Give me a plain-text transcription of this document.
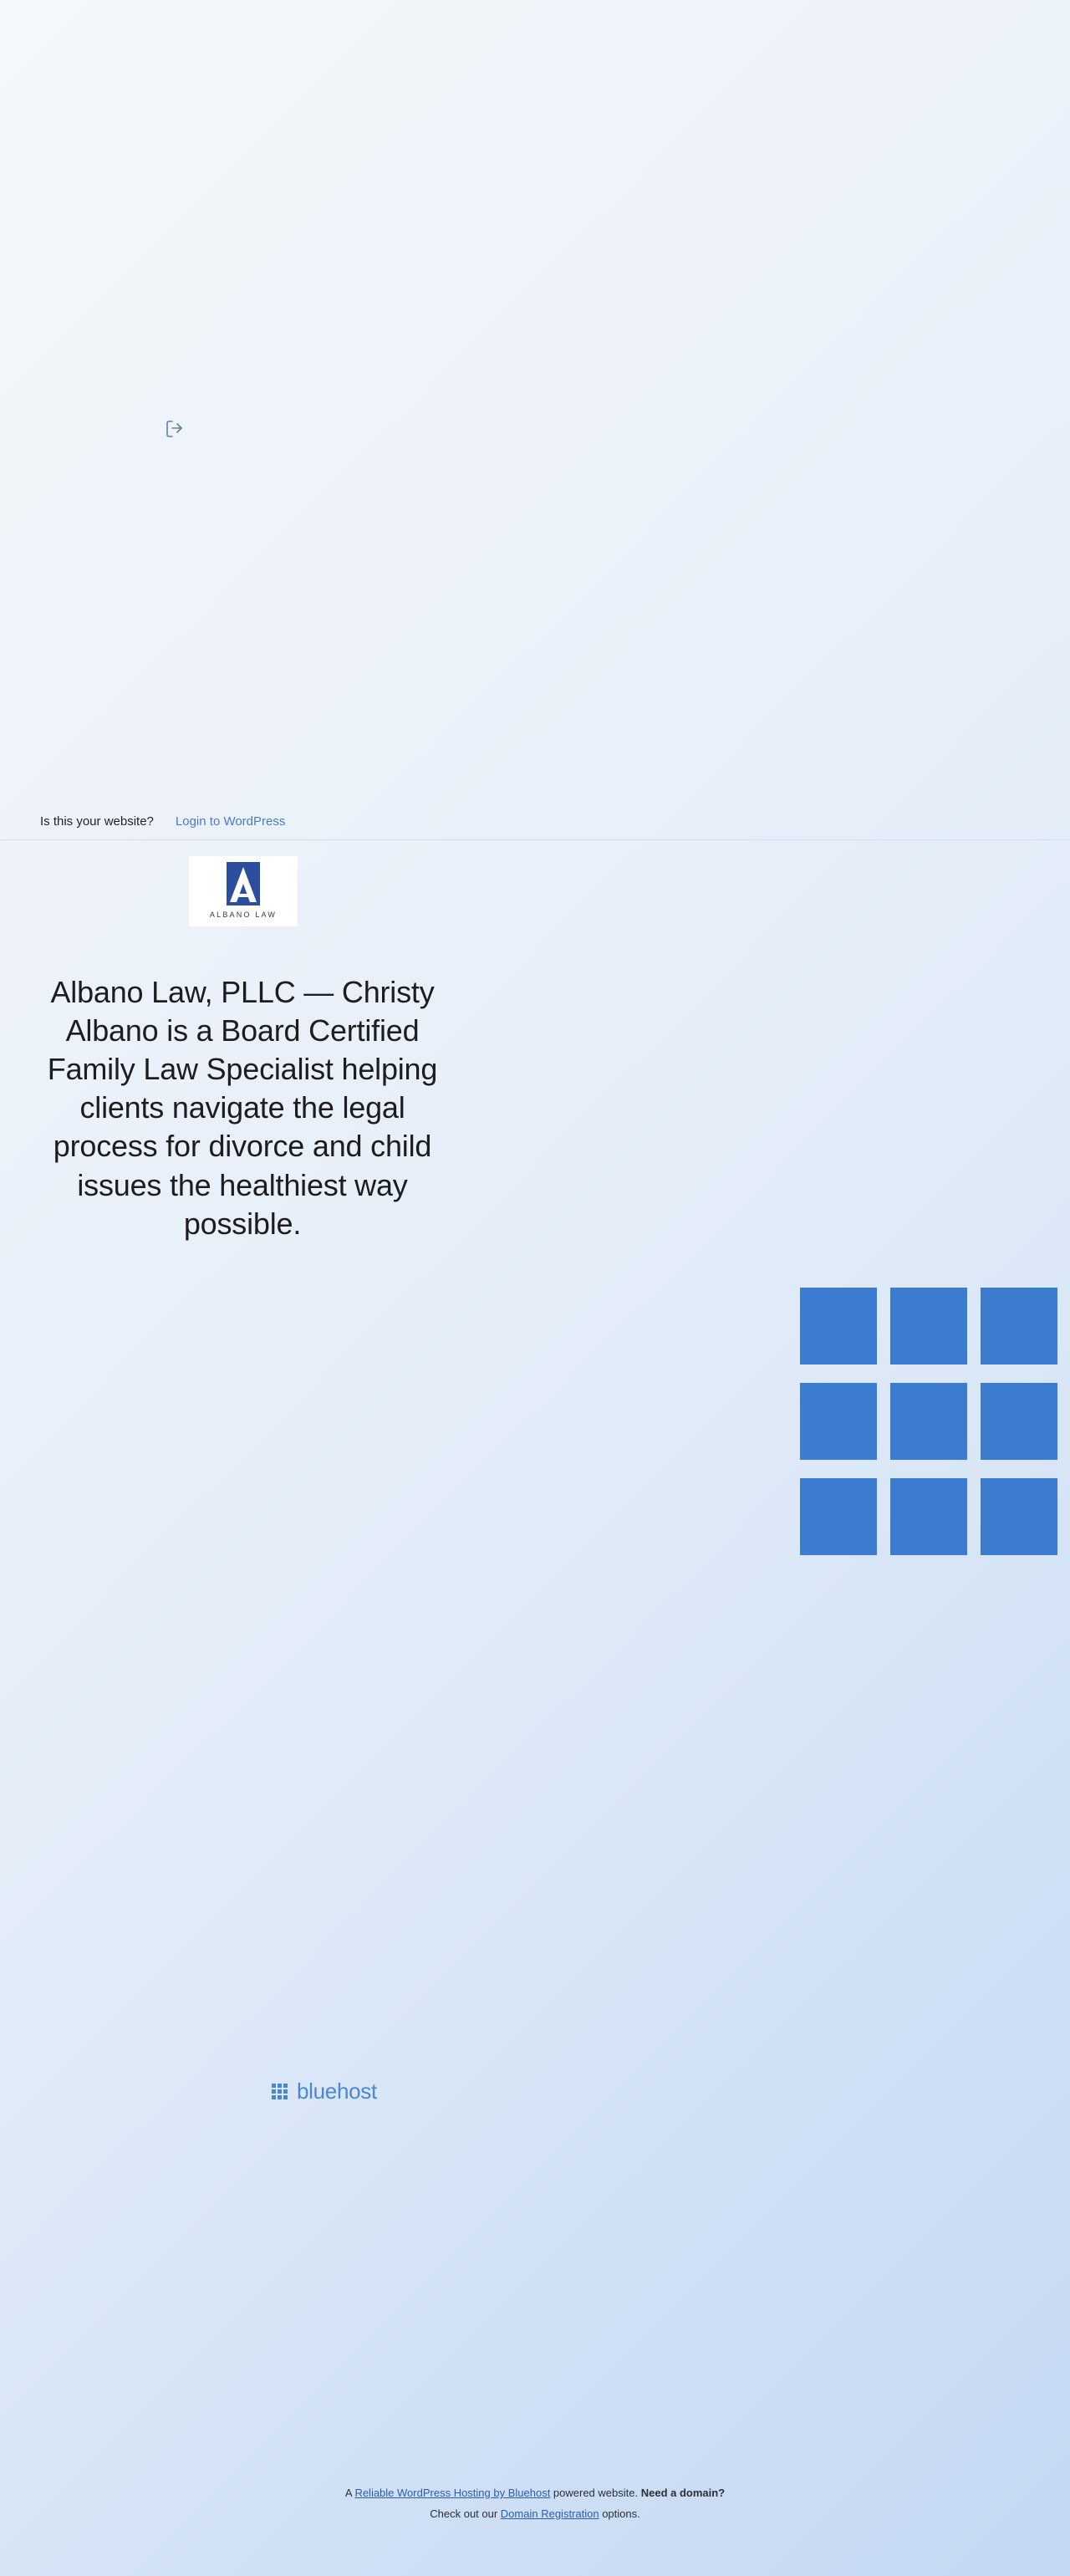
Is this your website? Login to WordPress
ALBANO LAW
Albano Law, PLLC — Christy Albano is a Board Certified Family Law Specialist helping clients navigate the legal process for divorce and child issues the healthiest way possible.
bluehost
A Reliable WordPress Hosting by Bluehost powered website. Need a domain?
Check out our Domain Registration options.
